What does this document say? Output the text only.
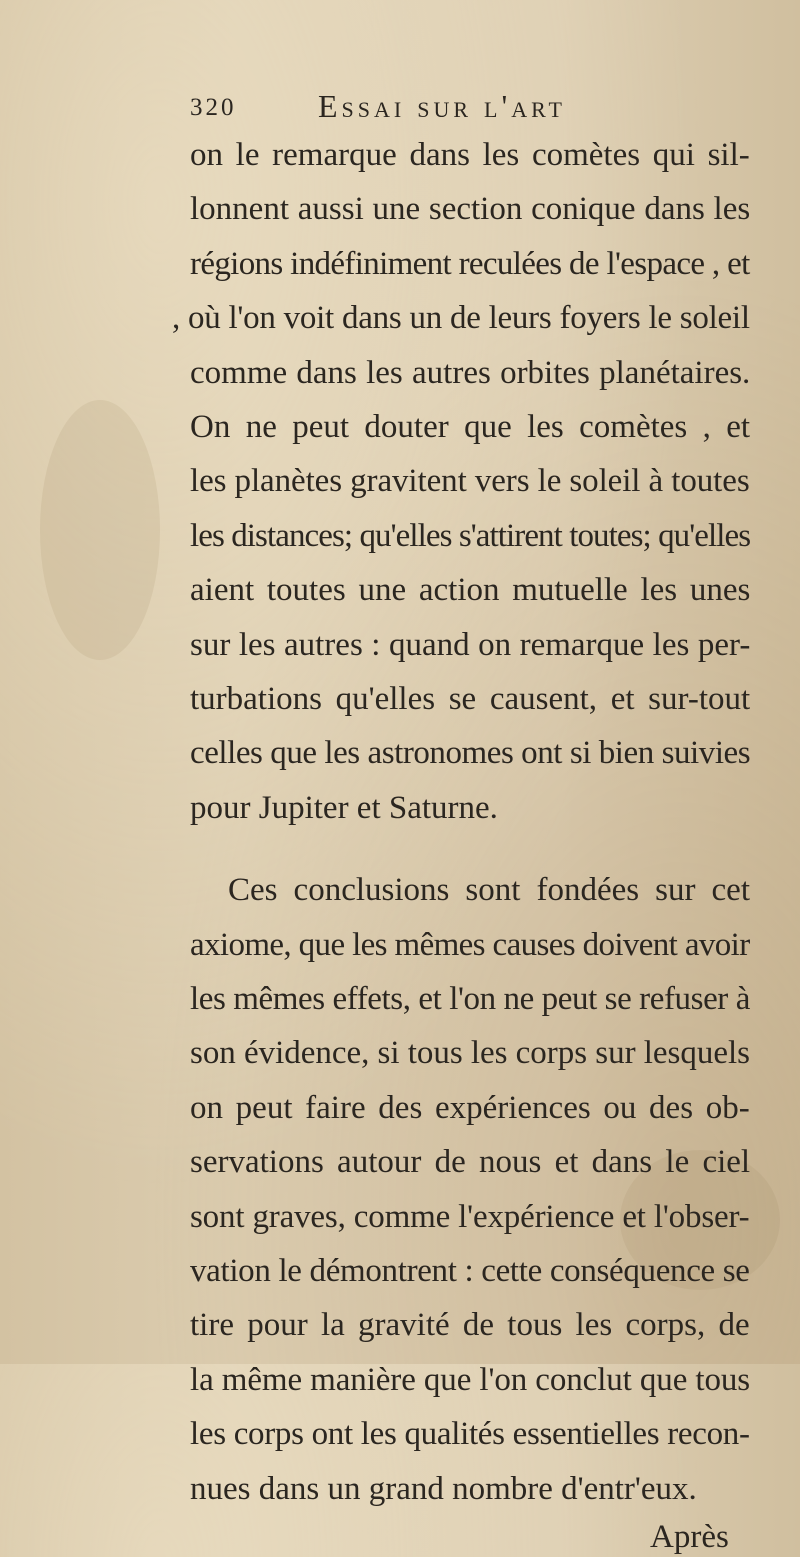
320	Essai sur l'art
on le remarque dans les comètes qui sil-
lonnent aussi une section conique dans les
régions indéfiniment reculées de l'espace , et
, où l'on voit dans un de leurs foyers le soleil
comme dans les autres orbites planétaires.
On ne peut douter que les comètes , et
les planètes gravitent vers le soleil à toutes
les distances; qu'elles s'attirent toutes; qu'elles
aient toutes une action mutuelle les unes
sur les autres : quand on remarque les per-
turbations qu'elles se causent, et sur-tout
celles que les astronomes ont si bien suivies
pour Jupiter et Saturne.
Ces conclusions sont fondées sur cet
axiome, que les mêmes causes doivent avoir
les mêmes effets, et l'on ne peut se refuser à
son évidence, si tous les corps sur lesquels
on peut faire des expériences ou des ob-
servations autour de nous et dans le ciel
sont graves, comme l'expérience et l'obser-
vation le démontrent : cette conséquence se
tire pour la gravité de tous les corps, de
la même manière que l'on conclut que tous
les corps ont les qualités essentielles recon-
nues dans un grand nombre d'entr'eux.
Après
